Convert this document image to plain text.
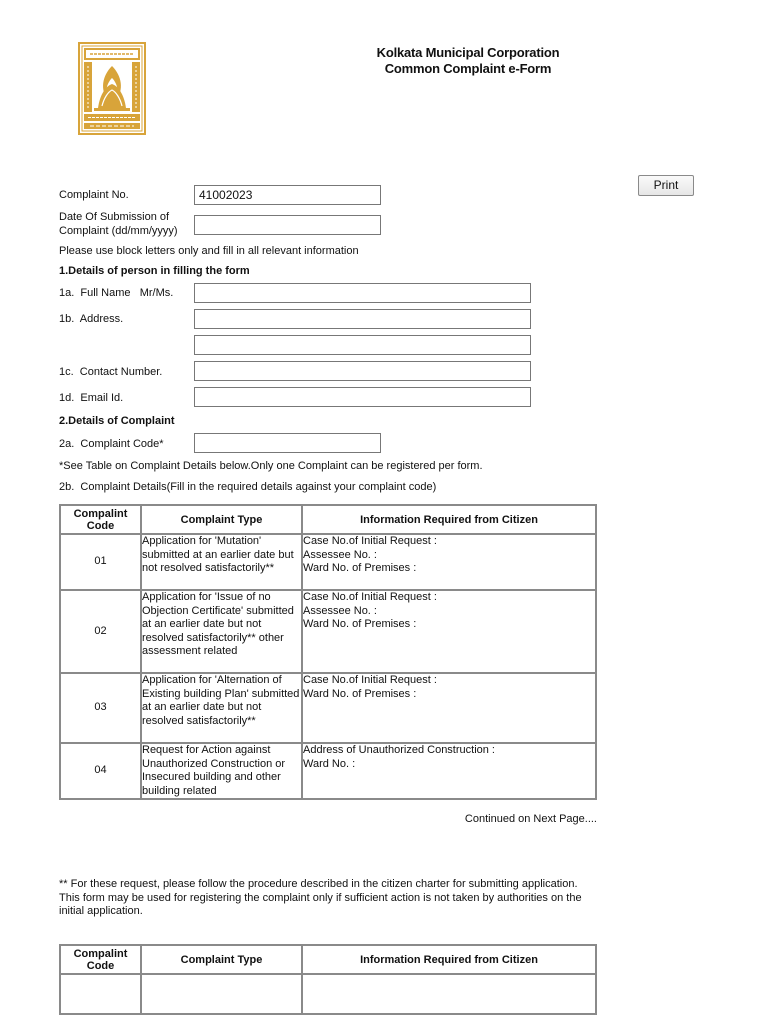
Kolkata Municipal Corporation
Common Complaint e-Form
Print
Complaint No.
41002023
Date Of Submission of
Complaint (dd/mm/yyyy)
Please use block letters only and fill in all relevant information
1.Details of person in filling the form
1a.  Full Name   Mr/Ms.
1b.  Address.
1c.  Contact Number.
1d.  Email Id.
2.Details of Complaint
2a.  Complaint Code*
*See Table on Complaint Details below.Only one Complaint can be registered per form.
2b.  Complaint Details(Fill in the required details against your complaint code)
Compalint Code	Complaint Type	Information Required from Citizen
01	Application for 'Mutation' submitted at an earlier date but not resolved satisfactorily**	Case No.of Initial Request :
Assessee No. :
Ward No. of Premises :
02	Application for 'Issue of no Objection Certificate' submitted at an earlier date but not resolved satisfactorily** other assessment related	Case No.of Initial Request :
Assessee No. :
Ward No. of Premises :
03	Application for 'Alternation of Existing building Plan' submitted at an earlier date but not resolved satisfactorily**	Case No.of Initial Request :
Ward No. of Premises :
04	Request for Action against Unauthorized Construction or Insecured building and other building related	Address of Unauthorized Construction :
Ward No. :
Continued on Next Page....
** For these request, please follow the procedure described in the citizen charter for submitting application. This form may be used for registering the complaint only if sufficient action is not taken by authorities on the initial application.
Compalint Code	Complaint Type	Information Required from Citizen
